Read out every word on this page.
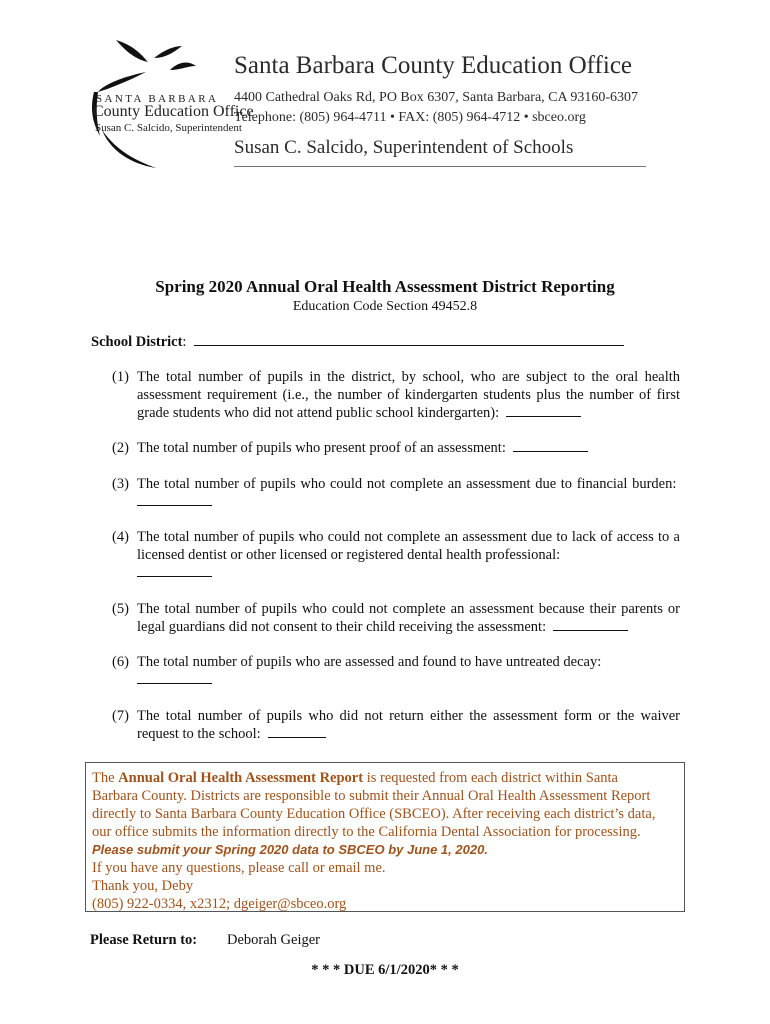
SANTA BARBARA
County Education Office
Susan C. Salcido, Superintendent
Santa Barbara County Education Office
4400 Cathedral Oaks Rd, PO Box 6307, Santa Barbara, CA 93160-6307
Telephone: (805) 964-4711 • FAX: (805) 964-4712 • sbceo.org
Susan C. Salcido, Superintendent of Schools
Spring 2020 Annual Oral Health Assessment District Reporting
Education Code Section 49452.8
School District:
(1) The total number of pupils in the district, by school, who are subject to the oral health assessment requirement (i.e., the number of kindergarten students plus the number of first grade students who did not attend public school kindergarten):
(2) The total number of pupils who present proof of an assessment:
(3) The total number of pupils who could not complete an assessment due to financial burden:
(4) The total number of pupils who could not complete an assessment due to lack of access to a licensed dentist or other licensed or registered dental health professional:

(5) The total number of pupils who could not complete an assessment because their parents or legal guardians did not consent to their child receiving the assessment:
(6) The total number of pupils who are assessed and found to have untreated decay:

(7) The total number of pupils who did not return either the assessment form or the waiver request to the school:
The Annual Oral Health Assessment Report is requested from each district within Santa
Barbara County. Districts are responsible to submit their Annual Oral Health Assessment Report
directly to Santa Barbara County Education Office (SBCEO). After receiving each district’s data,
our office submits the information directly to the California Dental Association for processing.
Please submit your Spring 2020 data to SBCEO by June 1, 2020.
If you have any questions, please call or email me.
Thank you, Deby
(805) 922-0334, x2312; dgeiger@sbceo.org
Please Return to: Deborah Geiger
* * * DUE 6/1/2020* * *
